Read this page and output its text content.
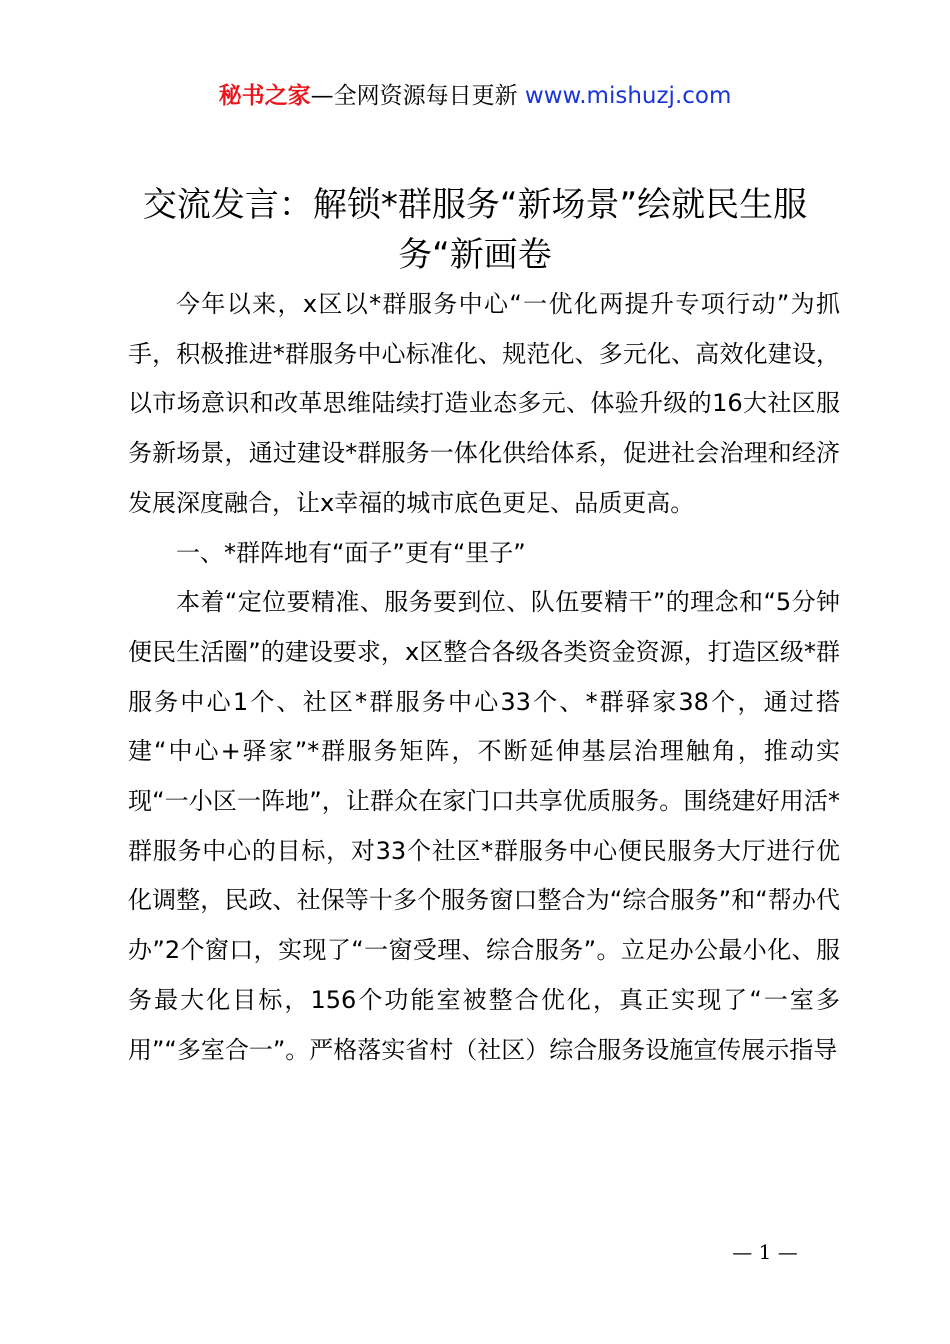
秘书之家—全网资源每日更新 www.mishuzj.com
交流发言：解锁*群服务“新场景”绘就民生服务“新画卷

今年以来，x区以*群服务中心“一优化两提升专项行动”为抓手，积极推进*群服务中心标准化、规范化、多元化、高效化建设，以市场意识和改革思维陆续打造业态多元、体验升级的16大社区服务新场景，通过建设*群服务一体化供给体系，促进社会治理和经济发展深度融合，让x幸福的城市底色更足、品质更高。

一、*群阵地有“面子”更有“里子”

本着“定位要精准、服务要到位、队伍要精干”的理念和“5分钟便民生活圈”的建设要求，x区整合各级各类资金资源，打造区级*群服务中心1个、社区*群服务中心33个、*群驿家38个，通过搭建“中心+驿家”*群服务矩阵，不断延伸基层治理触角，推动实现“一小区一阵地”，让群众在家门口共享优质服务。围绕建好用活*群服务中心的目标，对33个社区*群服务中心便民服务大厅进行优化调整，民政、社保等十多个服务窗口整合为“综合服务”和“帮办代办”2个窗口，实现了“一窗受理、综合服务”。立足办公最小化、服务最大化目标，156个功能室被整合优化，真正实现了“一室多用”“多室合一”。严格落实省村（社区）综合服务设施宣传展示指导

— 1 —
